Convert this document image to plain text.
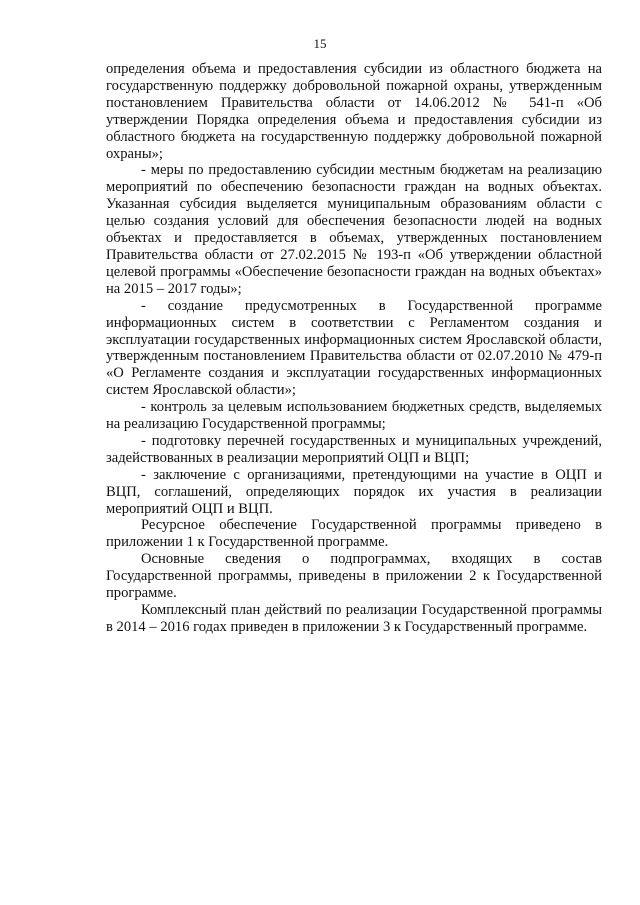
15

определения объема и предоставления субсидии из областного бюджета на государственную поддержку добровольной пожарной охраны, утвержденным постановлением Правительства области от 14.06.2012 № 541-п «Об утверждении Порядка определения объема и предоставления субсидии из областного бюджета на государственную поддержку добровольной пожарной охраны»;

- меры по предоставлению субсидии местным бюджетам на реализацию мероприятий по обеспечению безопасности граждан на водных объектах. Указанная субсидия выделяется муниципальным образованиям области с целью создания условий для обеспечения безопасности людей на водных объектах и предоставляется в объемах, утвержденных постановлением Правительства области от 27.02.2015 № 193-п «Об утверждении областной целевой программы «Обеспечение безопасности граждан на водных объектах» на 2015 – 2017 годы»;

- создание предусмотренных в Государственной программе информационных систем в соответствии с Регламентом создания и эксплуатации государственных информационных систем Ярославской области, утвержденным постановлением Правительства области от 02.07.2010 № 479-п «О Регламенте создания и эксплуатации государственных информационных систем Ярославской области»;

- контроль за целевым использованием бюджетных средств, выделяемых на реализацию Государственной программы;

- подготовку перечней государственных и муниципальных учреждений, задействованных в реализации мероприятий ОЦП и ВЦП;

- заключение с организациями, претендующими на участие в ОЦП и ВЦП, соглашений, определяющих порядок их участия в реализации мероприятий ОЦП и ВЦП.

Ресурсное обеспечение Государственной программы приведено в приложении 1 к Государственной программе.

Основные сведения о подпрограммах, входящих в состав Государственной программы, приведены в приложении 2 к Государственной программе.

Комплексный план действий по реализации Государственной программы в 2014 – 2016 годах приведен в приложении 3 к Государственный программе.
